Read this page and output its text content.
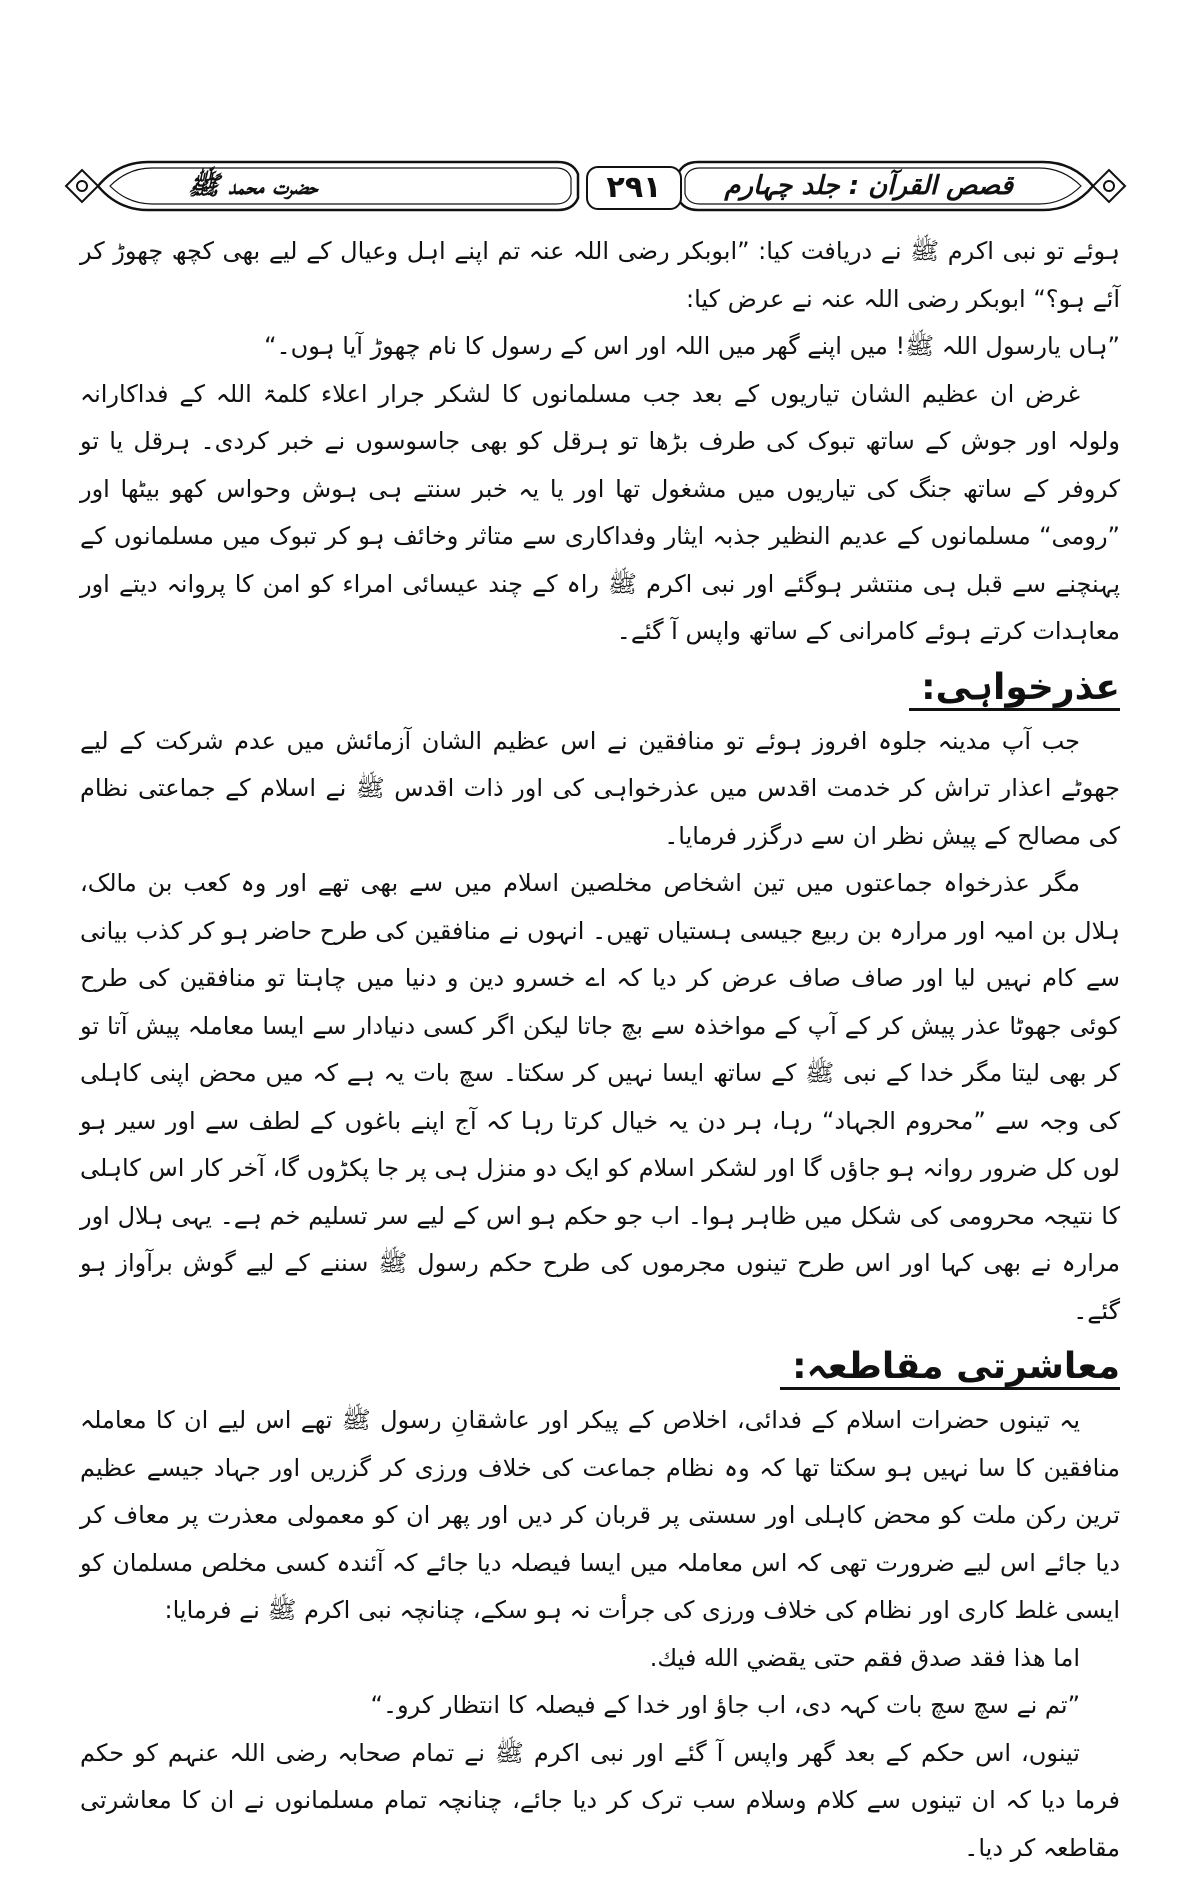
قصص القرآن : جلد چہارم
۲۹۱
حضرت محمد ﷺ

ہوئے تو نبی اکرم ﷺ نے دریافت کیا: ”ابوبکر رضی اللہ عنہ تم اپنے اہل وعیال کے لیے بھی کچھ چھوڑ کر آئے ہو؟“ ابوبکر رضی اللہ عنہ نے عرض کیا:

”ہاں یارسول اللہ ﷺ! میں اپنے گھر میں اللہ اور اس کے رسول کا نام چھوڑ آیا ہوں۔“

غرض ان عظیم الشان تیاریوں کے بعد جب مسلمانوں کا لشکر جرار اعلاء کلمۃ اللہ کے فداکارانہ ولولہ اور جوش کے ساتھ تبوک کی طرف بڑھا تو ہرقل کو بھی جاسوسوں نے خبر کردی۔ ہرقل یا تو کروفر کے ساتھ جنگ کی تیاریوں میں مشغول تھا اور یا یہ خبر سنتے ہی ہوش وحواس کھو بیٹھا اور ”رومی“ مسلمانوں کے عدیم النظیر جذبہ ایثار وفداکاری سے متاثر وخائف ہو کر تبوک میں مسلمانوں کے پہنچنے سے قبل ہی منتشر ہوگئے اور نبی اکرم ﷺ راہ کے چند عیسائی امراء کو امن کا پروانہ دیتے اور معاہدات کرتے ہوئے کامرانی کے ساتھ واپس آ گئے۔

عذرخواہی:

جب آپ مدینہ جلوہ افروز ہوئے تو منافقین نے اس عظیم الشان آزمائش میں عدم شرکت کے لیے جھوٹے اعذار تراش کر خدمت اقدس میں عذرخواہی کی اور ذات اقدس ﷺ نے اسلام کے جماعتی نظام کی مصالح کے پیش نظر ان سے درگزر فرمایا۔

مگر عذرخواہ جماعتوں میں تین اشخاص مخلصین اسلام میں سے بھی تھے اور وہ کعب بن مالک، ہلال بن امیہ اور مرارہ بن ربیع جیسی ہستیاں تھیں۔ انہوں نے منافقین کی طرح حاضر ہو کر کذب بیانی سے کام نہیں لیا اور صاف صاف عرض کر دیا کہ اے خسرو دین و دنیا میں چاہتا تو منافقین کی طرح کوئی جھوٹا عذر پیش کر کے آپ کے مواخذہ سے بچ جاتا لیکن اگر کسی دنیادار سے ایسا معاملہ پیش آتا تو کر بھی لیتا مگر خدا کے نبی ﷺ کے ساتھ ایسا نہیں کر سکتا۔ سچ بات یہ ہے کہ میں محض اپنی کاہلی کی وجہ سے ”محروم الجہاد“ رہا، ہر دن یہ خیال کرتا رہا کہ آج اپنے باغوں کے لطف سے اور سیر ہو لوں کل ضرور روانہ ہو جاؤں گا اور لشکر اسلام کو ایک دو منزل ہی پر جا پکڑوں گا، آخر کار اس کاہلی کا نتیجہ محرومی کی شکل میں ظاہر ہوا۔ اب جو حکم ہو اس کے لیے سر تسلیم خم ہے۔ یہی ہلال اور مرارہ نے بھی کہا اور اس طرح تینوں مجرموں کی طرح حکم رسول ﷺ سننے کے لیے گوش برآواز ہو گئے۔

معاشرتی مقاطعہ:

یہ تینوں حضرات اسلام کے فدائی، اخلاص کے پیکر اور عاشقانِ رسول ﷺ تھے اس لیے ان کا معاملہ منافقین کا سا نہیں ہو سکتا تھا کہ وہ نظام جماعت کی خلاف ورزی کر گزریں اور جہاد جیسے عظیم ترین رکن ملت کو محض کاہلی اور سستی پر قربان کر دیں اور پھر ان کو معمولی معذرت پر معاف کر دیا جائے اس لیے ضرورت تھی کہ اس معاملہ میں ایسا فیصلہ دیا جائے کہ آئندہ کسی مخلص مسلمان کو ایسی غلط کاری اور نظام کی خلاف ورزی کی جرأت نہ ہو سکے، چنانچہ نبی اکرم ﷺ نے فرمایا:

اما هذا فقد صدق فقم حتى يقضي الله فيك.

”تم نے سچ سچ بات کہہ دی، اب جاؤ اور خدا کے فیصلہ کا انتظار کرو۔“

تینوں، اس حکم کے بعد گھر واپس آ گئے اور نبی اکرم ﷺ نے تمام صحابہ رضی اللہ عنہم کو حکم فرما دیا کہ ان تینوں سے کلام وسلام سب ترک کر دیا جائے، چنانچہ تمام مسلمانوں نے ان کا معاشرتی مقاطعہ کر دیا۔
